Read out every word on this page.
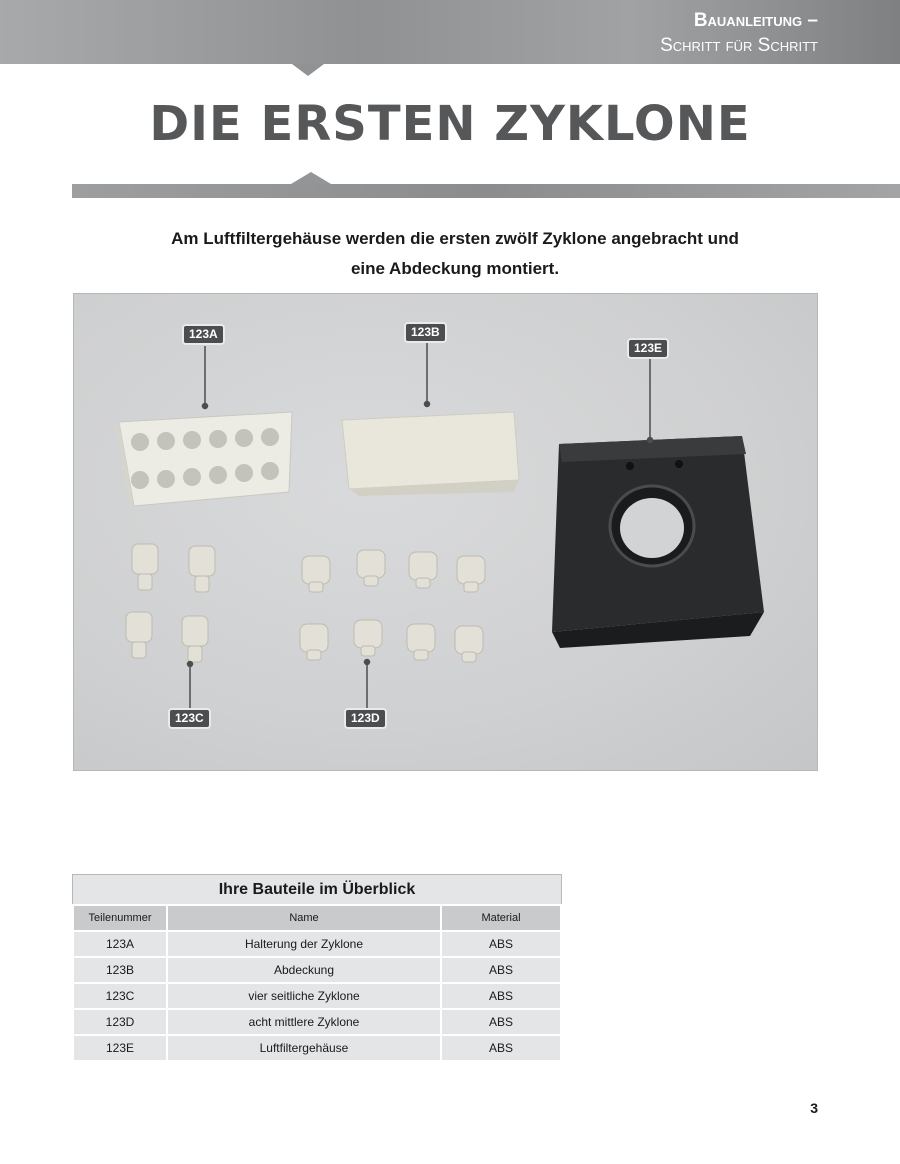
Bauanleitung –
Schritt für Schritt
DIE ERSTEN ZYKLONE
Am Luftfiltergehäuse werden die ersten zwölf Zyklone angebracht und
eine Abdeckung montiert.
123A	123B
123E
123C	123D
Ihre Bauteile im Überblick
Teilenummer	Name	Material
123A	Halterung der Zyklone	ABS
123B	Abdeckung	ABS
123C	vier seitliche Zyklone	ABS
123D	acht mittlere Zyklone	ABS
123E	Luftfiltergehäuse	ABS
3
